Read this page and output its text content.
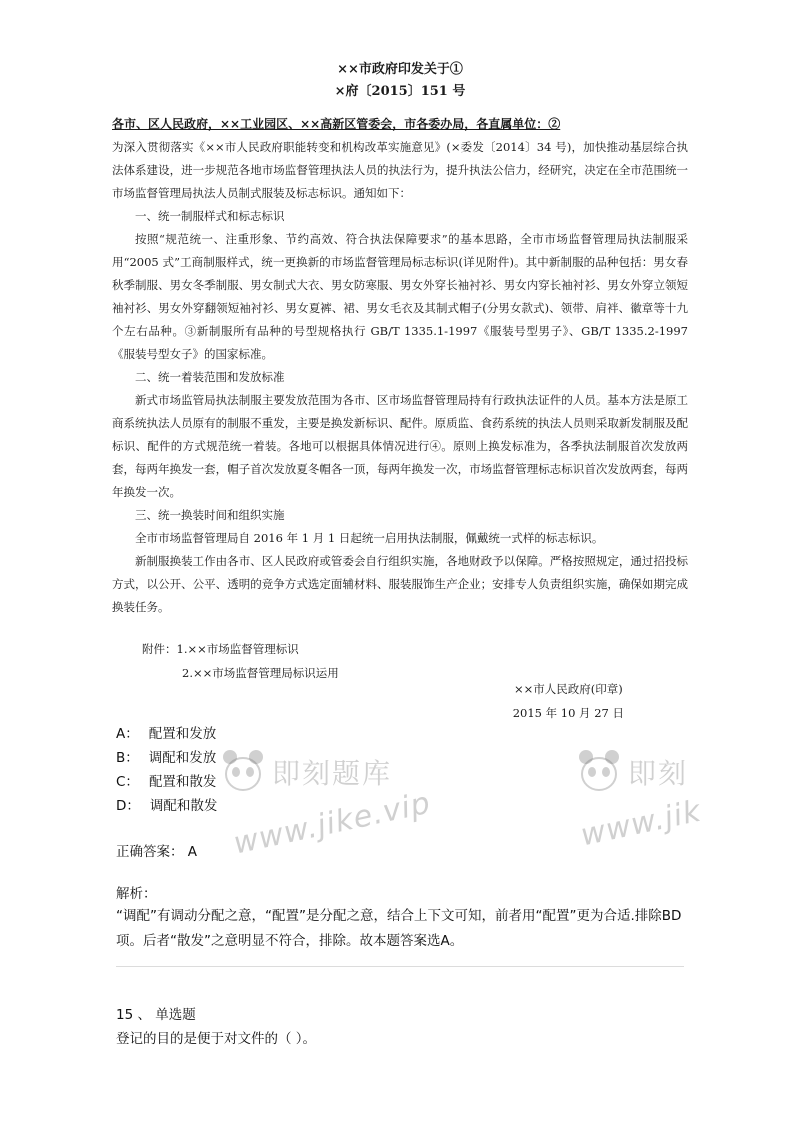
××市政府印发关于①
×府〔2015〕151 号
各市、区人民政府，××工业园区、××高新区管委会，市各委办局，各直属单位：②

为深入贯彻落实《××市人民政府职能转变和机构改革实施意见》(×委发〔2014〕34 号)，加快推动基层综合执法体系建设，进一步规范各地市场监督管理执法人员的执法行为，提升执法公信力，经研究，决定在全市范围统一市场监督管理局执法人员制式服装及标志标识。通知如下：

一、统一制服样式和标志标识

按照“规范统一、注重形象、节约高效、符合执法保障要求”的基本思路，全市市场监督管理局执法制服采用“2005 式”工商制服样式，统一更换新的市场监督管理局标志标识(详见附件)。其中新制服的品种包括：男女春秋季制服、男女冬季制服、男女制式大衣、男女防寒服、男女外穿长袖衬衫、男女内穿长袖衬衫、男女外穿立领短袖衬衫、男女外穿翻领短袖衬衫、男女夏裤、裙、男女毛衣及其制式帽子(分男女款式)、领带、肩袢、徽章等十九个左右品种。③新制服所有品种的号型规格执行 GB/T 1335.1-1997《服装号型男子》、GB/T 1335.2-1997《服装号型女子》的国家标准。

二、统一着装范围和发放标准

新式市场监管局执法制服主要发放范围为各市、区市场监督管理局持有行政执法证件的人员。基本方法是原工商系统执法人员原有的制服不重发，主要是换发新标识、配件。原质监、食药系统的执法人员则采取新发制服及配标识、配件的方式规范统一着装。各地可以根据具体情况进行④。原则上换发标准为，各季执法制服首次发放两套，每两年换发一套，帽子首次发放夏冬帽各一顶，每两年换发一次，市场监督管理标志标识首次发放两套，每两年换发一次。

三、统一换装时间和组织实施

全市市场监督管理局自 2016 年 1 月 1 日起统一启用执法制服，佩戴统一式样的标志标识。

新制服换装工作由各市、区人民政府或管委会自行组织实施，各地财政予以保障。严格按照规定，通过招投标方式，以公开、公平、透明的竞争方式选定面辅材料、服装服饰生产企业；安排专人负责组织实施，确保如期完成换装任务。

附件：1.××市场监督管理标识
2.××市场监督管理局标识运用
××市人民政府(印章)
2015 年 10 月 27 日
即刻题库
www.jike.vip
即刻
www.jik
A： 配置和发放
B： 调配和发放
C： 配置和散发
D： 调配和散发
正确答案： A
解析：
“调配”有调动分配之意，“配置”是分配之意，结合上下文可知，前者用“配置”更为合适.排除BD项。后者“散发”之意明显不符合，排除。故本题答案选A。
15 、 单选题
登记的目的是便于对文件的（ ）。
